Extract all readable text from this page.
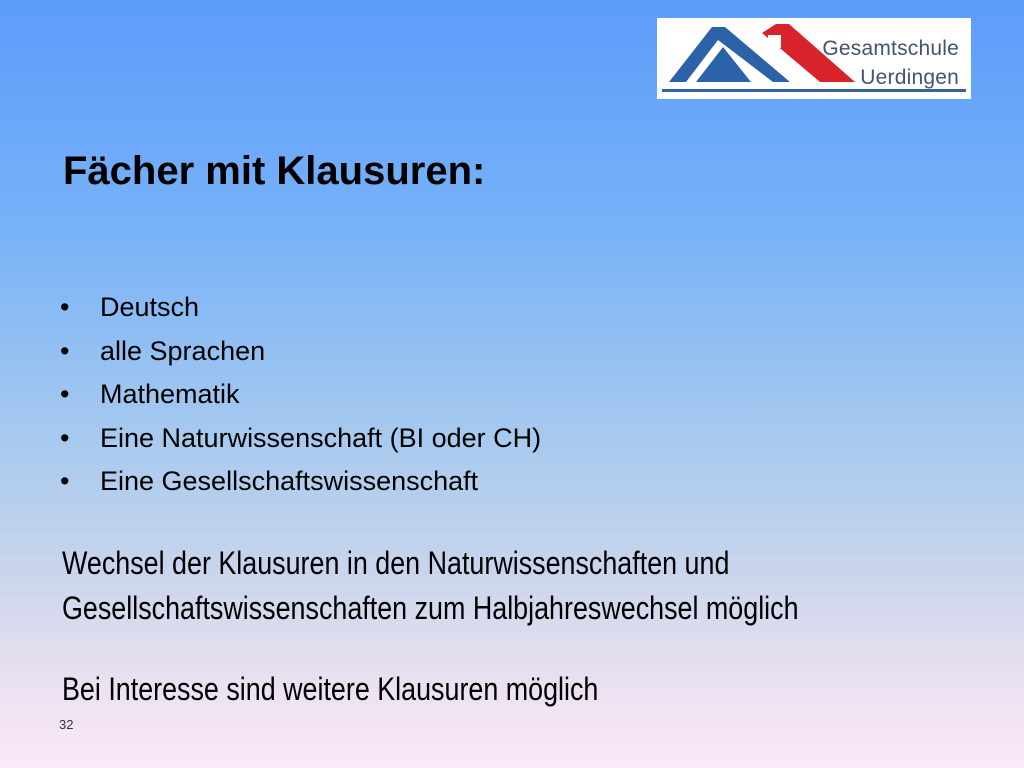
Gesamtschule
Uerdingen
Fächer mit Klausuren:
•	Deutsch
•	alle Sprachen
•	Mathematik
•	Eine Naturwissenschaft (BI oder CH)
•	Eine Gesellschaftswissenschaft
Wechsel der Klausuren in den Naturwissenschaften und
Gesellschaftswissenschaften zum Halbjahreswechsel möglich
Bei Interesse sind weitere Klausuren möglich
32
